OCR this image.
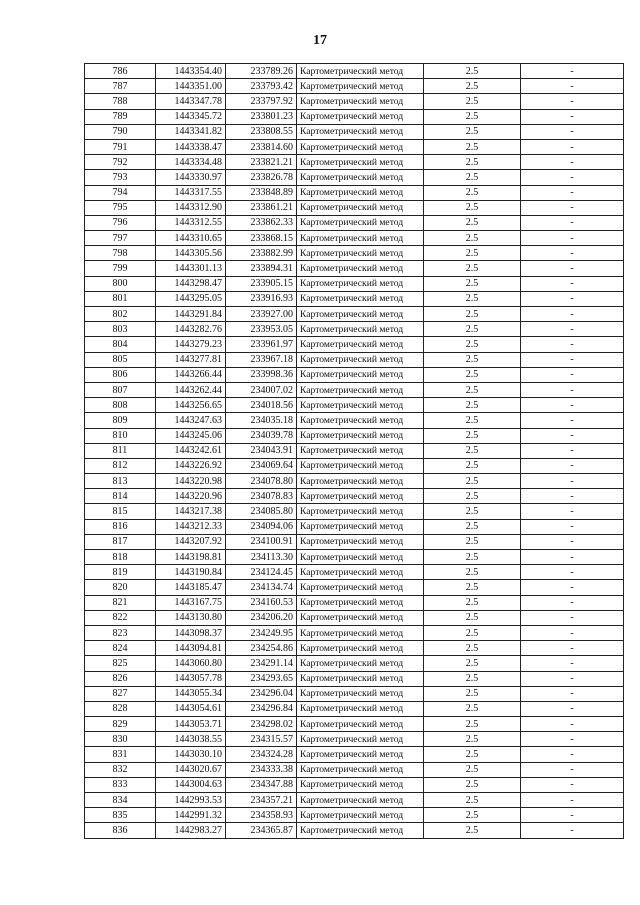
17
786	1443354.40	233789.26	Картометрический метод	2.5	-
787	1443351.00	233793.42	Картометрический метод	2.5	-
788	1443347.78	233797.92	Картометрический метод	2.5	-
789	1443345.72	233801.23	Картометрический метод	2.5	-
790	1443341.82	233808.55	Картометрический метод	2.5	-
791	1443338.47	233814.60	Картометрический метод	2.5	-
792	1443334.48	233821.21	Картометрический метод	2.5	-
793	1443330.97	233826.78	Картометрический метод	2.5	-
794	1443317.55	233848.89	Картометрический метод	2.5	-
795	1443312.90	233861.21	Картометрический метод	2.5	-
796	1443312.55	233862.33	Картометрический метод	2.5	-
797	1443310.65	233868.15	Картометрический метод	2.5	-
798	1443305.56	233882.99	Картометрический метод	2.5	-
799	1443301.13	233894.31	Картометрический метод	2.5	-
800	1443298.47	233905.15	Картометрический метод	2.5	-
801	1443295.05	233916.93	Картометрический метод	2.5	-
802	1443291.84	233927.00	Картометрический метод	2.5	-
803	1443282.76	233953.05	Картометрический метод	2.5	-
804	1443279.23	233961.97	Картометрический метод	2.5	-
805	1443277.81	233967.18	Картометрический метод	2.5	-
806	1443266.44	233998.36	Картометрический метод	2.5	-
807	1443262.44	234007.02	Картометрический метод	2.5	-
808	1443256.65	234018.56	Картометрический метод	2.5	-
809	1443247.63	234035.18	Картометрический метод	2.5	-
810	1443245.06	234039.78	Картометрический метод	2.5	-
811	1443242.61	234043.91	Картометрический метод	2.5	-
812	1443226.92	234069.64	Картометрический метод	2.5	-
813	1443220.98	234078.80	Картометрический метод	2.5	-
814	1443220.96	234078.83	Картометрический метод	2.5	-
815	1443217.38	234085.80	Картометрический метод	2.5	-
816	1443212.33	234094.06	Картометрический метод	2.5	-
817	1443207.92	234100.91	Картометрический метод	2.5	-
818	1443198.81	234113.30	Картометрический метод	2.5	-
819	1443190.84	234124.45	Картометрический метод	2.5	-
820	1443185.47	234134.74	Картометрический метод	2.5	-
821	1443167.75	234160.53	Картометрический метод	2.5	-
822	1443130.80	234206.20	Картометрический метод	2.5	-
823	1443098.37	234249.95	Картометрический метод	2.5	-
824	1443094.81	234254.86	Картометрический метод	2.5	-
825	1443060.80	234291.14	Картометрический метод	2.5	-
826	1443057.78	234293.65	Картометрический метод	2.5	-
827	1443055.34	234296.04	Картометрический метод	2.5	-
828	1443054.61	234296.84	Картометрический метод	2.5	-
829	1443053.71	234298.02	Картометрический метод	2.5	-
830	1443038.55	234315.57	Картометрический метод	2.5	-
831	1443030.10	234324.28	Картометрический метод	2.5	-
832	1443020.67	234333.38	Картометрический метод	2.5	-
833	1443004.63	234347.88	Картометрический метод	2.5	-
834	1442993.53	234357.21	Картометрический метод	2.5	-
835	1442991.32	234358.93	Картометрический метод	2.5	-
836	1442983.27	234365.87	Картометрический метод	2.5	-
